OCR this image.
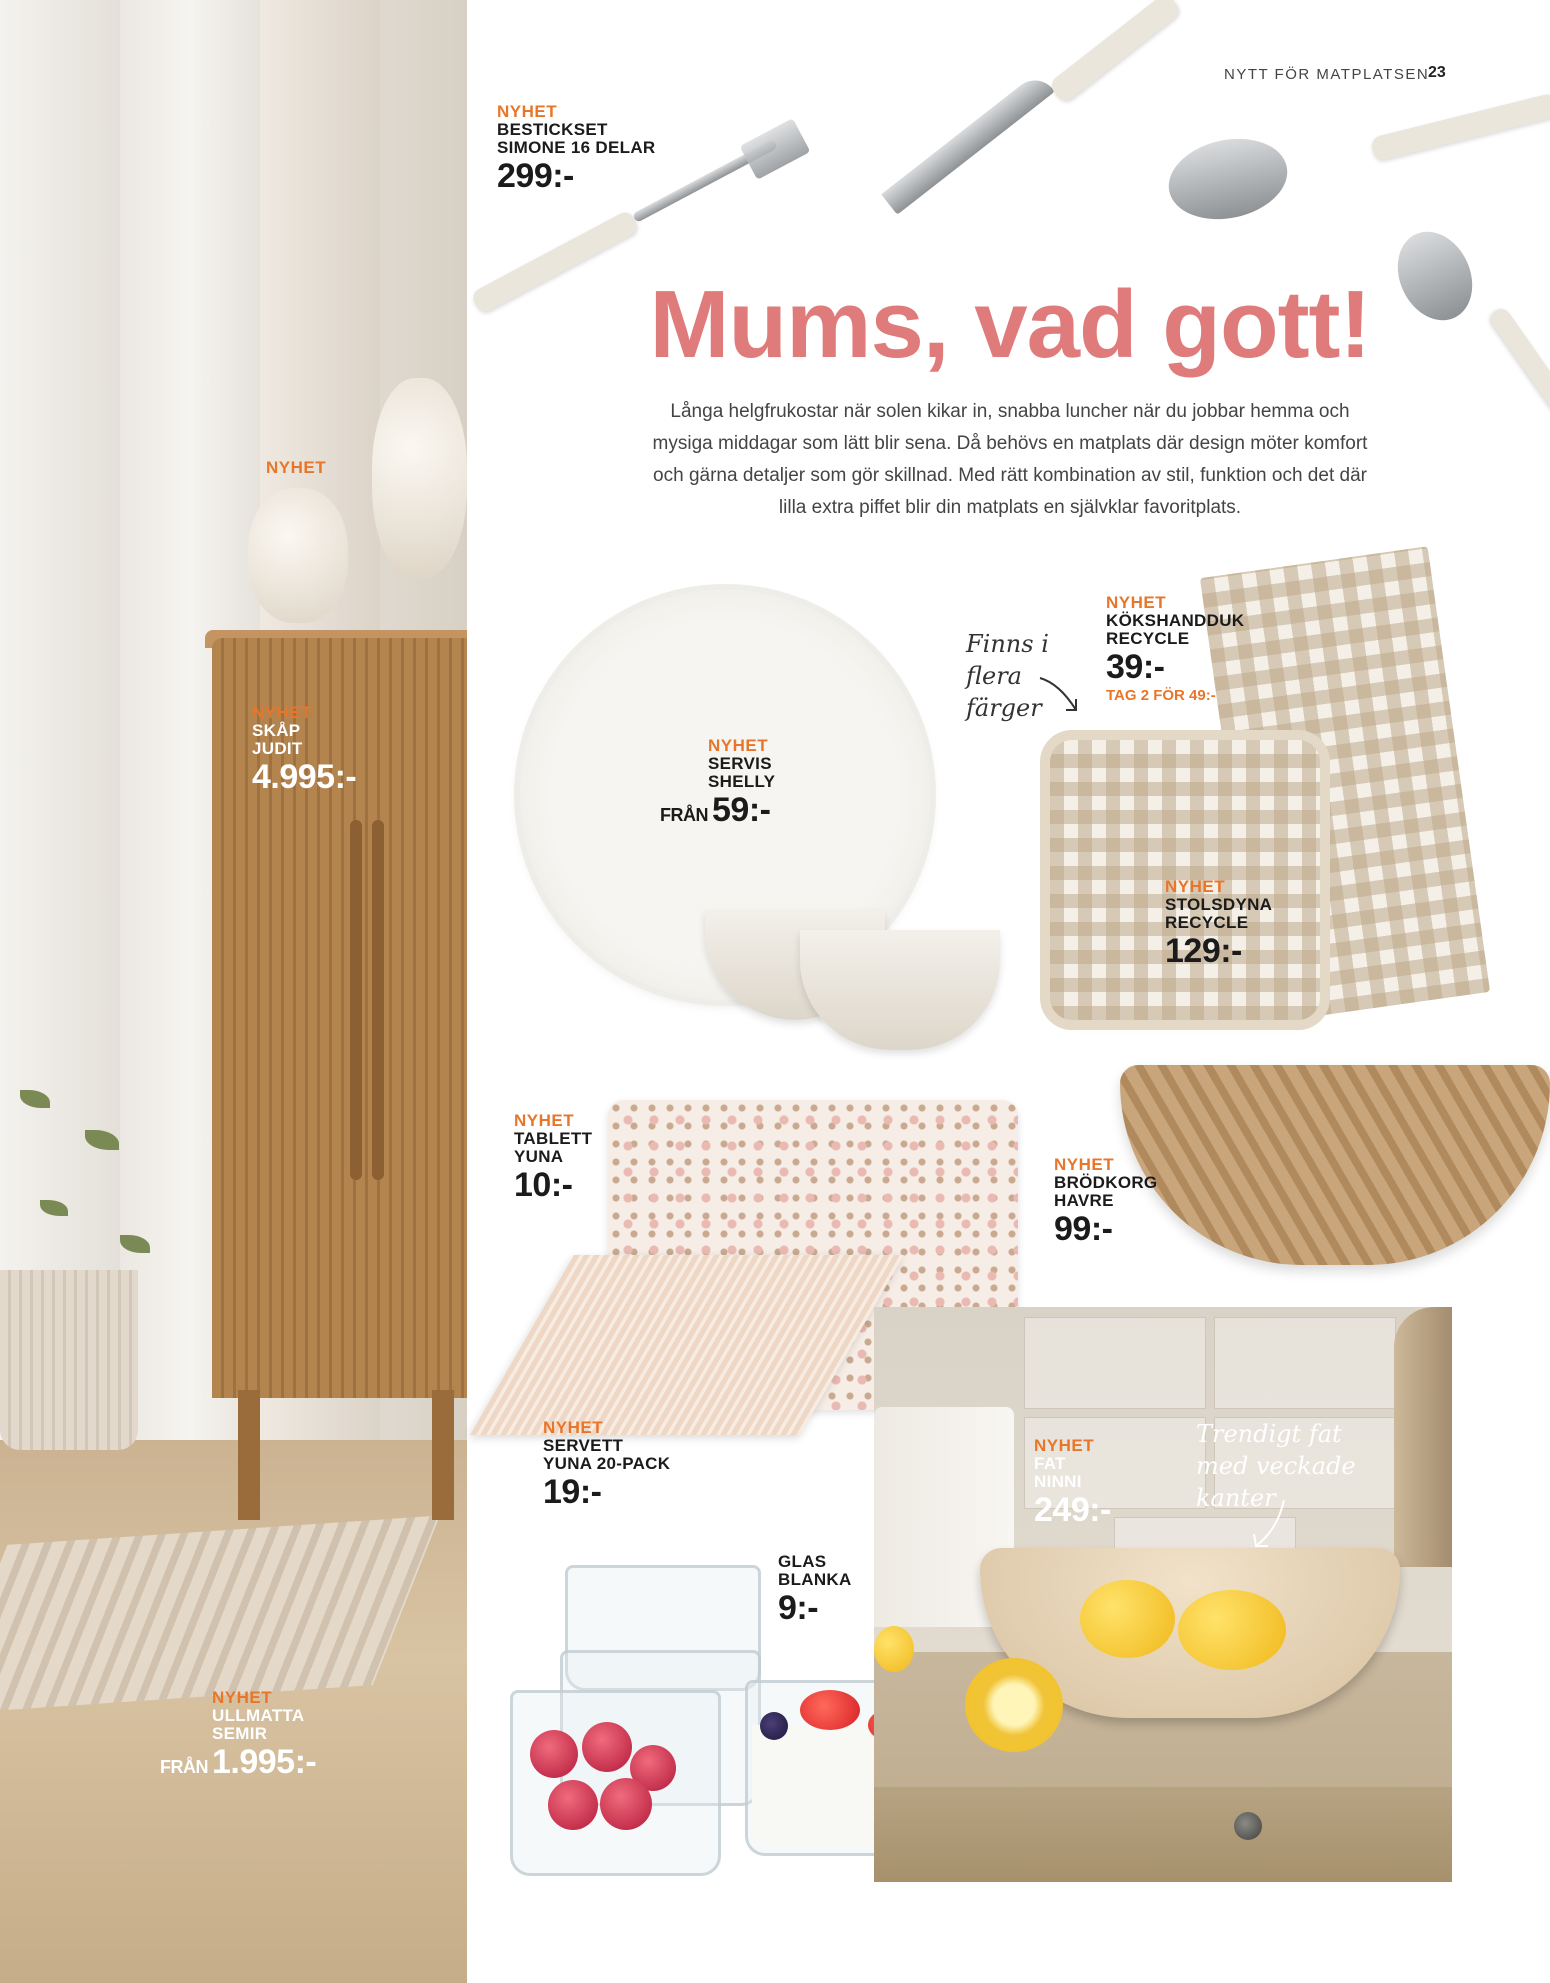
NYHET
NYHET
SKÅP
JUDIT
4.995:-
NYHET
ULLMATTA
SEMIR
FRÅN 1.995:-
NYTT FÖR MATPLATSEN
23
NYHET
BESTICKSET
SIMONE 16 DELAR
299:-
Mums, vad gott!
Långa helgfrukostar när solen kikar in, snabba luncher när du jobbar hemma och mysiga middagar som lätt blir sena. Då behövs en matplats där design möter komfort och gärna detaljer som gör skillnad. Med rätt kombination av stil, funktion och det där lilla extra piffet blir din matplats en självklar favoritplats.
NYHET
SERVIS
SHELLY
FRÅN 59:-
Finns i
flera
färger
NYHET
KÖKSHANDDUK
RECYCLE
39:-
TAG 2 FÖR 49:-
NYHET
STOLSDYNA
RECYCLE
129:-
NYHET
TABLETT
YUNA
10:-
NYHET
BRÖDKORG
HAVRE
99:-
NYHET
SERVETT
YUNA 20-PACK
19:-
GLAS
BLANKA
9:-
Trendigt fat
med veckade
kanter
NYHET
FAT
NINNI
249:-
